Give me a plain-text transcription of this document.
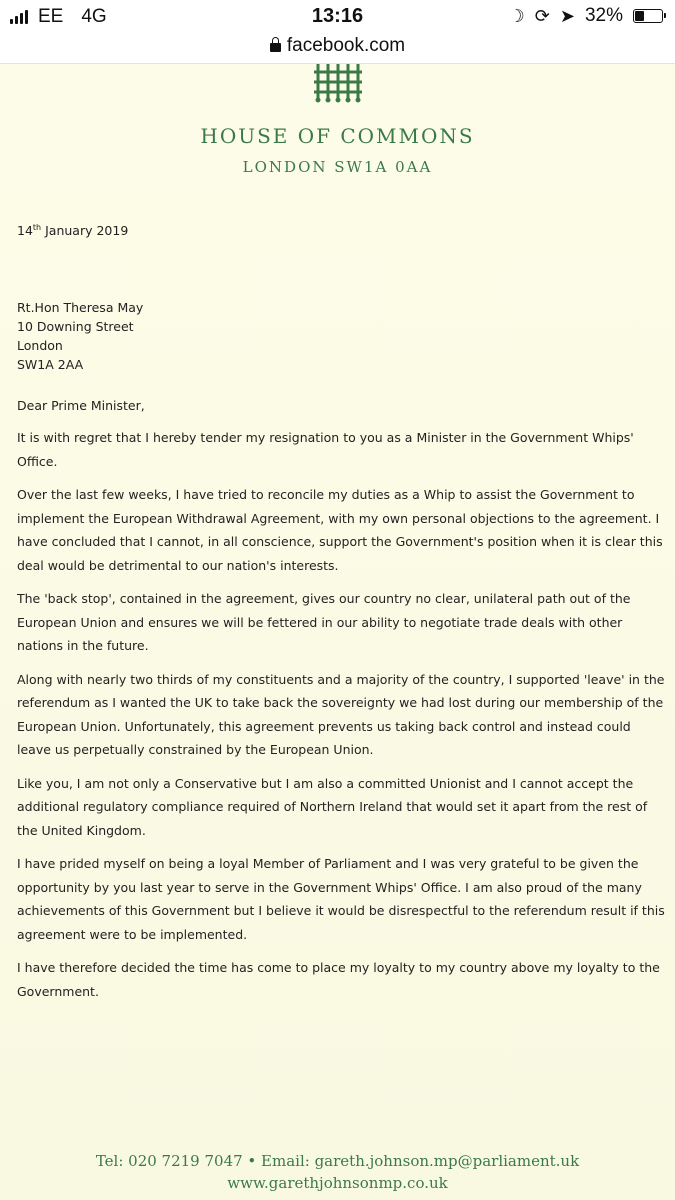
EE 4G	13:16	☽ ⟳ ➤ 32%
facebook.com
HOUSE OF COMMONS
LONDON SW1A 0AA
14th January 2019
Rt.Hon Theresa May
10 Downing Street
London
SW1A 2AA
Dear Prime Minister,

It is with regret that I hereby tender my resignation to you as a Minister in the Government Whips' Office.

Over the last few weeks, I have tried to reconcile my duties as a Whip to assist the Government to implement the European Withdrawal Agreement, with my own personal objections to the agreement. I have concluded that I cannot, in all conscience, support the Government's position when it is clear this deal would be detrimental to our nation's interests.

The 'back stop', contained in the agreement, gives our country no clear, unilateral path out of the European Union and ensures we will be fettered in our ability to negotiate trade deals with other nations in the future.

Along with nearly two thirds of my constituents and a majority of the country, I supported 'leave' in the referendum as I wanted the UK to take back the sovereignty we had lost during our membership of the European Union. Unfortunately, this agreement prevents us taking back control and instead could leave us perpetually constrained by the European Union.

Like you, I am not only a Conservative but I am also a committed Unionist and I cannot accept the additional regulatory compliance required of Northern Ireland that would set it apart from the rest of the United Kingdom.

I have prided myself on being a loyal Member of Parliament and I was very grateful to be given the opportunity by you last year to serve in the Government Whips' Office. I am also proud of the many achievements of this Government but I believe it would be disrespectful to the referendum result if this agreement were to be implemented.

I have therefore decided the time has come to place my loyalty to my country above my loyalty to the Government.

Tel: 020 7219 7047 • Email: gareth.johnson.mp@parliament.uk
www.garethjohnsonmp.co.uk
